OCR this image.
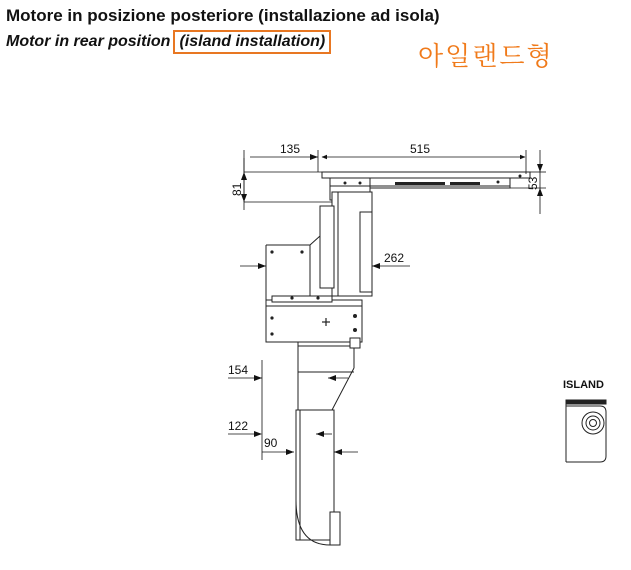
Motore in posizione posteriore (installazione ad isola)
Motor in rear position (island installation)
아일랜드형
135	515
81	53
262
154
122
90
ISLAND
